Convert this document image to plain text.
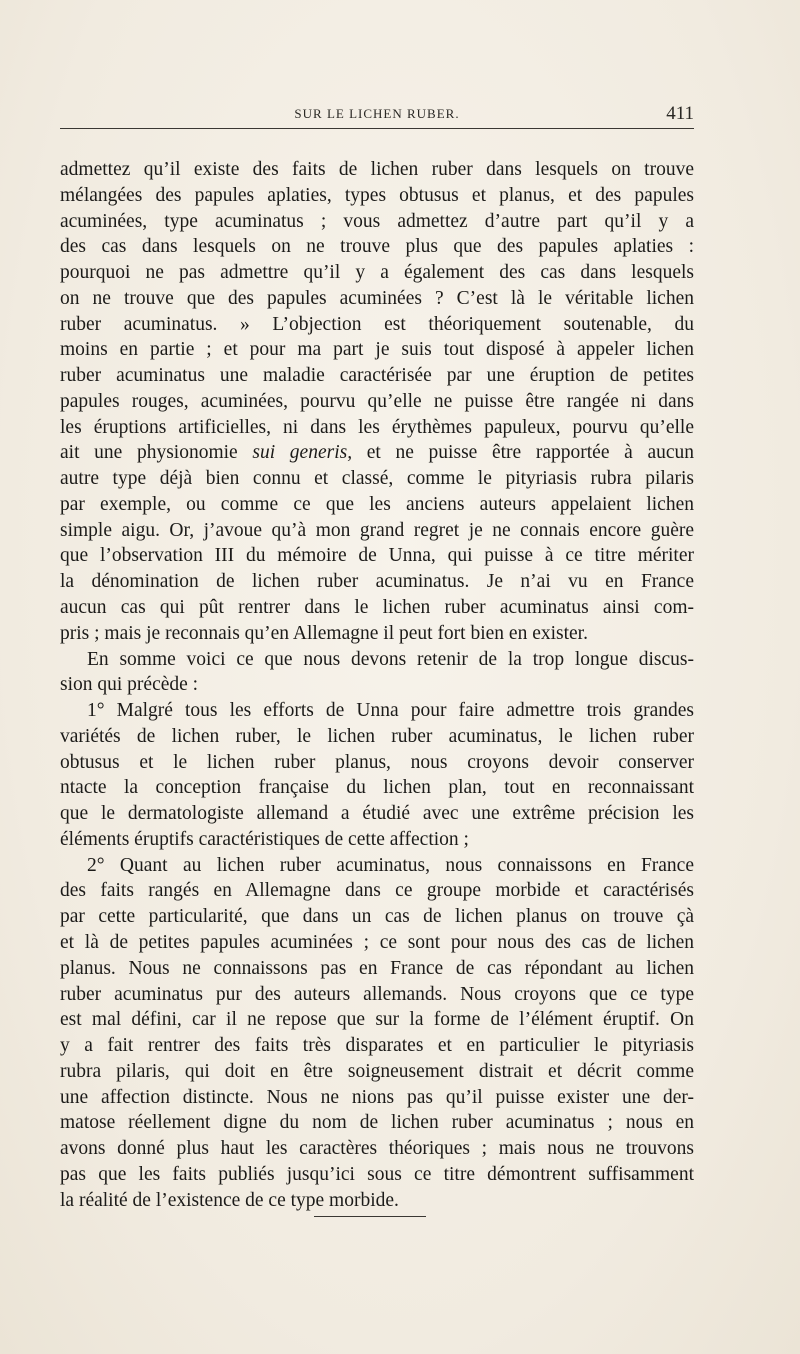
SUR LE LICHEN RUBER.	411
admettez qu’il existe des faits de lichen ruber dans lesquels on trouve
mélangées des papules aplaties, types obtusus et planus, et des papules
acuminées, type acuminatus ; vous admettez d’autre part qu’il y a
des cas dans lesquels on ne trouve plus que des papules aplaties :
pourquoi ne pas admettre qu’il y a également des cas dans lesquels
on ne trouve que des papules acuminées ? C’est là le véritable lichen
ruber acuminatus. » L’objection est théoriquement soutenable, du
moins en partie ; et pour ma part je suis tout disposé à appeler lichen
ruber acuminatus une maladie caractérisée par une éruption de petites
papules rouges, acuminées, pourvu qu’elle ne puisse être rangée ni dans
les éruptions artificielles, ni dans les érythèmes papuleux, pourvu qu’elle
ait une physionomie sui generis, et ne puisse être rapportée à aucun
autre type déjà bien connu et classé, comme le pityriasis rubra pilaris
par exemple, ou comme ce que les anciens auteurs appelaient lichen
simple aigu. Or, j’avoue qu’à mon grand regret je ne connais encore guère
que l’observation III du mémoire de Unna, qui puisse à ce titre mériter
la dénomination de lichen ruber acuminatus. Je n’ai vu en France
aucun cas qui pût rentrer dans le lichen ruber acuminatus ainsi com-
pris ; mais je reconnais qu’en Allemagne il peut fort bien en exister.
En somme voici ce que nous devons retenir de la trop longue discus-
sion qui précède :
1° Malgré tous les efforts de Unna pour faire admettre trois grandes
variétés de lichen ruber, le lichen ruber acuminatus, le lichen ruber
obtusus et le lichen ruber planus, nous croyons devoir conserver
ntacte la conception française du lichen plan, tout en reconnaissant
que le dermatologiste allemand a étudié avec une extrême précision les
éléments éruptifs caractéristiques de cette affection ;
2° Quant au lichen ruber acuminatus, nous connaissons en France
des faits rangés en Allemagne dans ce groupe morbide et caractérisés
par cette particularité, que dans un cas de lichen planus on trouve çà
et là de petites papules acuminées ; ce sont pour nous des cas de lichen
planus. Nous ne connaissons pas en France de cas répondant au lichen
ruber acuminatus pur des auteurs allemands. Nous croyons que ce type
est mal défini, car il ne repose que sur la forme de l’élément éruptif. On
y a fait rentrer des faits très disparates et en particulier le pityriasis
rubra pilaris, qui doit en être soigneusement distrait et décrit comme
une affection distincte. Nous ne nions pas qu’il puisse exister une der-
matose réellement digne du nom de lichen ruber acuminatus ; nous en
avons donné plus haut les caractères théoriques ; mais nous ne trouvons
pas que les faits publiés jusqu’ici sous ce titre démontrent suffisamment
la réalité de l’existence de ce type morbide.
